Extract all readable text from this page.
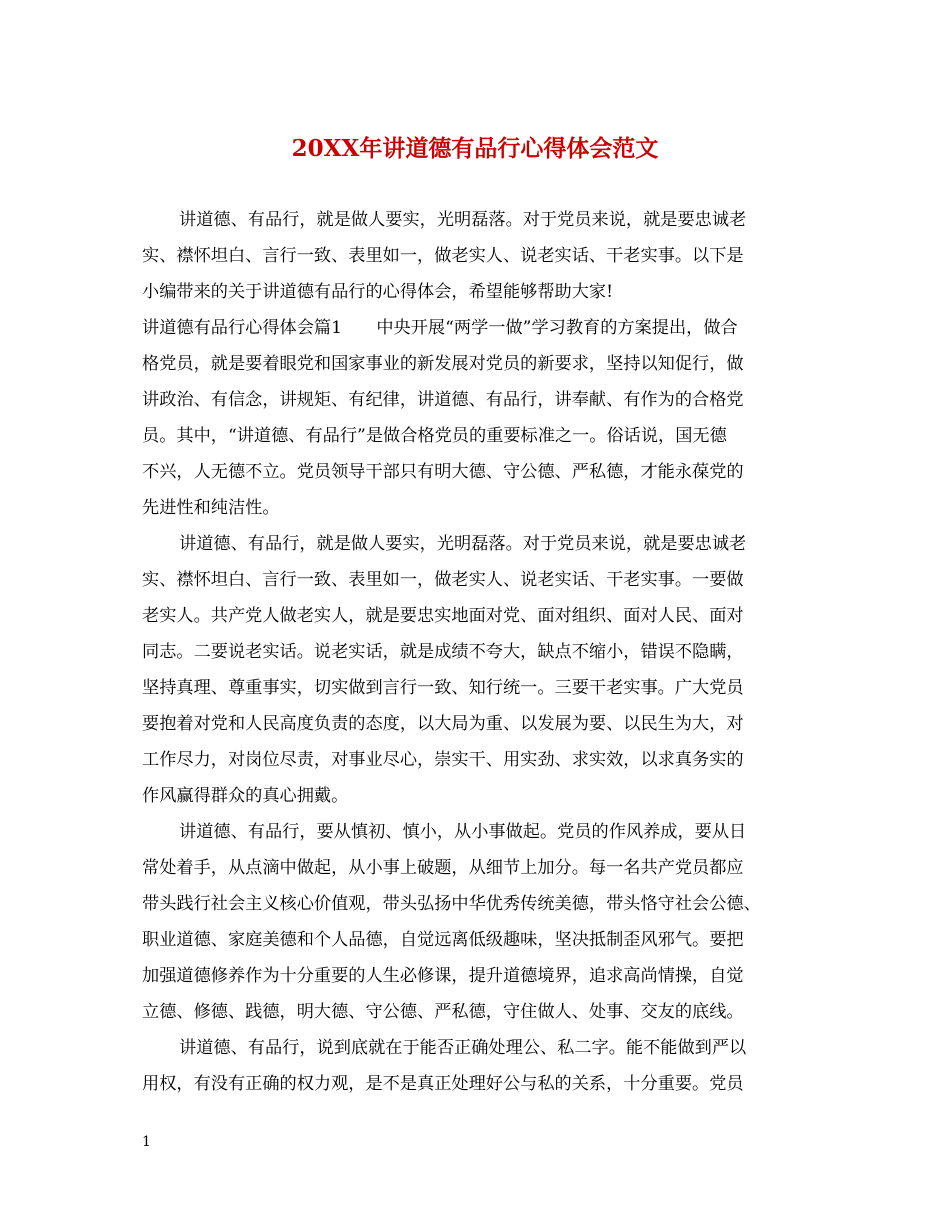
20XX年讲道德有品行心得体会范文
讲道德、有品行，就是做人要实，光明磊落。对于党员来说，就是要忠诚老
实、襟怀坦白、言行一致、表里如一，做老实人、说老实话、干老实事。以下是
小编带来的关于讲道德有品行的心得体会，希望能够帮助大家!
讲道德有品行心得体会篇1　　中央开展“两学一做”学习教育的方案提出，做合
格党员，就是要着眼党和国家事业的新发展对党员的新要求，坚持以知促行，做
讲政治、有信念，讲规矩、有纪律，讲道德、有品行，讲奉献、有作为的合格党
员。其中，“讲道德、有品行”是做合格党员的重要标准之一。俗话说，国无德
不兴，人无德不立。党员领导干部只有明大德、守公德、严私德，才能永葆党的
先进性和纯洁性。
讲道德、有品行，就是做人要实，光明磊落。对于党员来说，就是要忠诚老
实、襟怀坦白、言行一致、表里如一，做老实人、说老实话、干老实事。一要做
老实人。共产党人做老实人，就是要忠实地面对党、面对组织、面对人民、面对
同志。二要说老实话。说老实话，就是成绩不夸大，缺点不缩小，错误不隐瞒，
坚持真理、尊重事实，切实做到言行一致、知行统一。三要干老实事。广大党员
要抱着对党和人民高度负责的态度，以大局为重、以发展为要、以民生为大，对
工作尽力，对岗位尽责，对事业尽心，崇实干、用实劲、求实效，以求真务实的
作风赢得群众的真心拥戴。
讲道德、有品行，要从慎初、慎小，从小事做起。党员的作风养成，要从日
常处着手，从点滴中做起，从小事上破题，从细节上加分。每一名共产党员都应
带头践行社会主义核心价值观，带头弘扬中华优秀传统美德，带头恪守社会公德、
职业道德、家庭美德和个人品德，自觉远离低级趣味，坚决抵制歪风邪气。要把
加强道德修养作为十分重要的人生必修课，提升道德境界，追求高尚情操，自觉
立德、修德、践德，明大德、守公德、严私德，守住做人、处事、交友的底线。
讲道德、有品行，说到底就在于能否正确处理公、私二字。能不能做到严以
用权，有没有正确的权力观，是不是真正处理好公与私的关系，十分重要。党员
1
